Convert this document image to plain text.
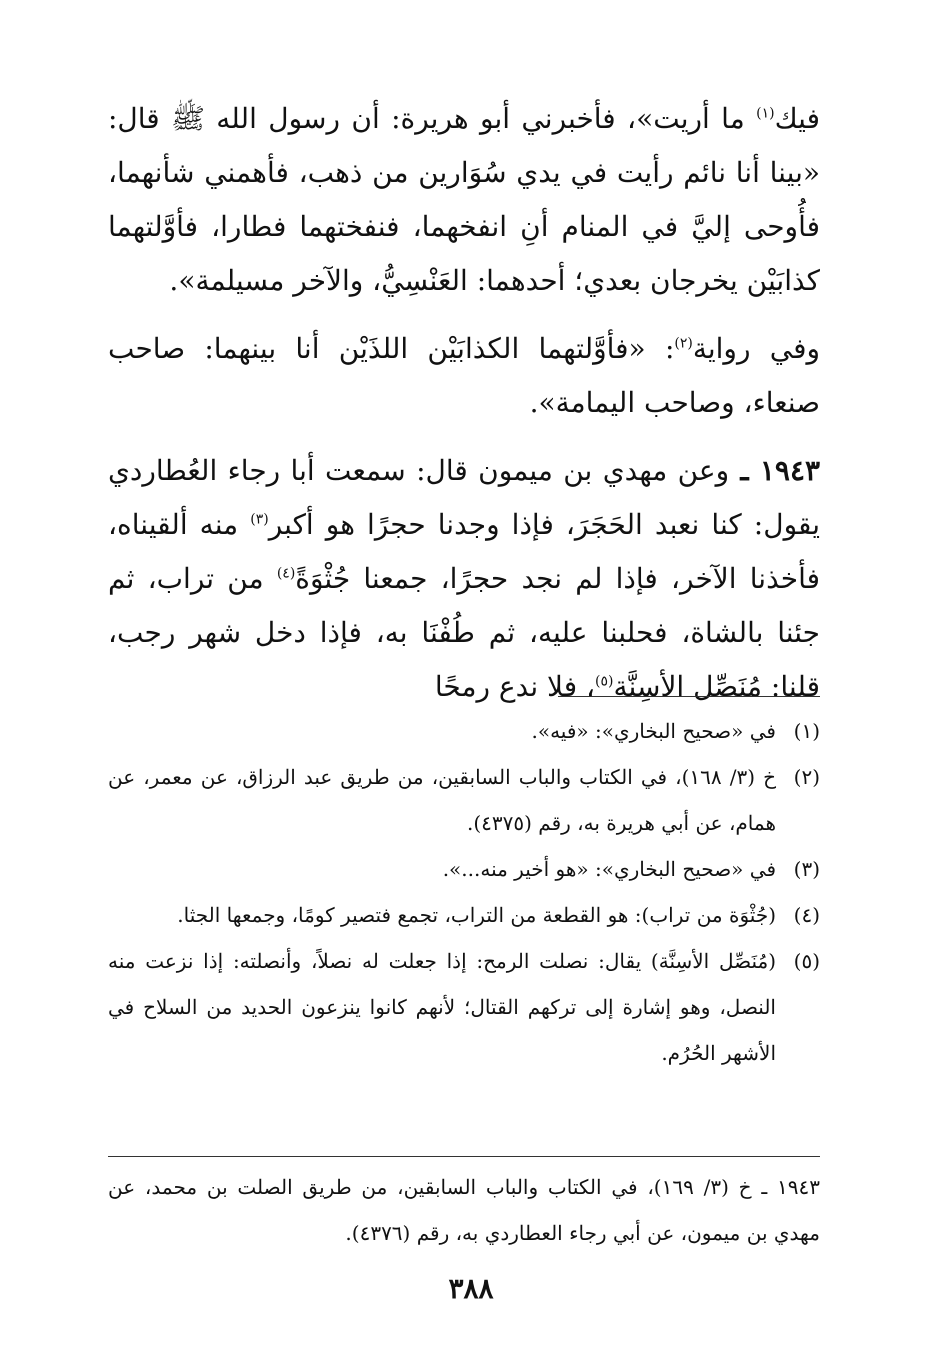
فيك$^{(١)}$ ما أريت»، فأخبرني أبو هريرة: أن رسول الله ﷺ قال: «بينا أنا نائم رأيت في يدي سُوَارين من ذهب، فأهمني شأنهما، فأُوحى إليَّ في المنام أنِ انفخهما، فنفختهما فطارا، فأوَّلتهما كذابَيْن يخرجان بعدي؛ أحدهما: العَنْسِيُّ، والآخر مسيلمة».

وفي رواية$^{(٢)}$: «فأوَّلتهما الكذابَيْن اللذَيْن أنا بينهما: صاحب صنعاء، وصاحب اليمامة».

١٩٤٣ ـ وعن مهدي بن ميمون قال: سمعت أبا رجاء العُطاردي يقول: كنا نعبد الحَجَرَ، فإذا وجدنا حجرًا هو أكبر$^{(٣)}$ منه ألقيناه، فأخذنا الآخر، فإذا لم نجد حجرًا، جمعنا جُثْوَةً$^{(٤)}$ من تراب، ثم جئنا بالشاة، فحلبنا عليه، ثم طُفْنَا به، فإذا دخل شهر رجب، قلنا: مُنَصِّل الأسِنَّة$^{(٥)}$، فلا ندع رمحًا

(١)
في «صحيح البخاري»: «فيه».
(٢)
خ (٣/ ١٦٨)، في الكتاب والباب السابقين، من طريق عبد الرزاق، عن معمر، عن همام، عن أبي هريرة به، رقم (٤٣٧٥).
(٣)
في «صحيح البخاري»: «هو أخير منه...».
(٤)
(جُثْوَة من تراب): هو القطعة من التراب، تجمع فتصير كومًا، وجمعها الجثا.
(٥)
(مُنَصِّل الأسِنَّة) يقال: نصلت الرمح: إذا جعلت له نصلاً، وأنصلته: إذا نزعت منه النصل، وهو إشارة إلى تركهم القتال؛ لأنهم كانوا ينزعون الحديد من السلاح في الأشهر الحُرُم.
١٩٤٣ ـ خ (٣/ ١٦٩)، في الكتاب والباب السابقين، من طريق الصلت بن محمد، عن مهدي بن ميمون، عن أبي رجاء العطاردي به، رقم (٤٣٧٦).
٣٨٨
